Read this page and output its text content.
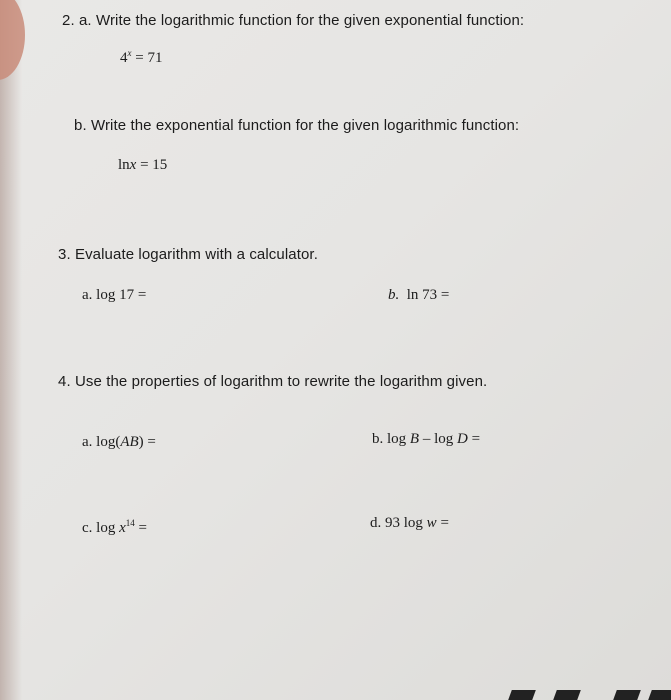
2. a. Write the logarithmic function for the given exponential function:
$4^x = 71$
b. Write the exponential function for the given logarithmic function:
lnx = 15

3. Evaluate logarithm with a calculator.
a. log 17 =	b. ln 73 =
4. Use the properties of logarithm to rewrite the logarithm given.
a. log(AB) =	b. log B – log D =
c. $\log x^{14}$ =	d. 93 log w =
